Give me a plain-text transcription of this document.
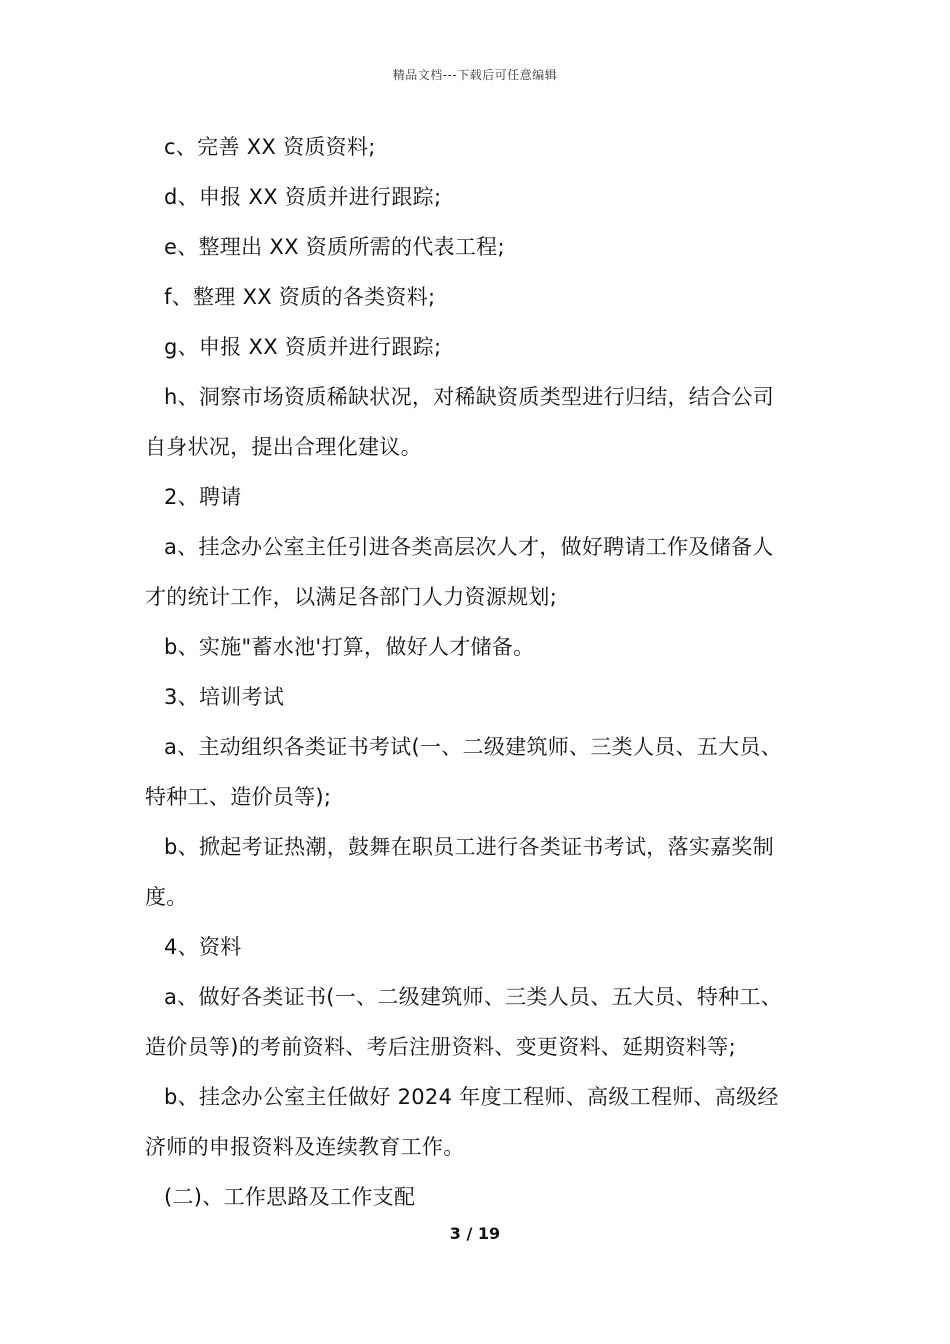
精品文档---下载后可任意编辑
c、完善 XX 资质资料;
d、申报 XX 资质并进行跟踪;
e、整理出 XX 资质所需的代表工程;
f、整理 XX 资质的各类资料;
g、申报 XX 资质并进行跟踪;
h、洞察市场资质稀缺状况，对稀缺资质类型进行归结，结合公司
自身状况，提出合理化建议。
2、聘请
a、挂念办公室主任引进各类高层次人才，做好聘请工作及储备人
才的统计工作，以满足各部门人力资源规划;
b、实施"蓄水池'打算，做好人才储备。
3、培训考试
a、主动组织各类证书考试(一、二级建筑师、三类人员、五大员、
特种工、造价员等);
b、掀起考证热潮，鼓舞在职员工进行各类证书考试，落实嘉奖制
度。
4、资料
a、做好各类证书(一、二级建筑师、三类人员、五大员、特种工、
造价员等)的考前资料、考后注册资料、变更资料、延期资料等;
b、挂念办公室主任做好 2024 年度工程师、高级工程师、高级经
济师的申报资料及连续教育工作。
(二)、工作思路及工作支配
3 / 19
